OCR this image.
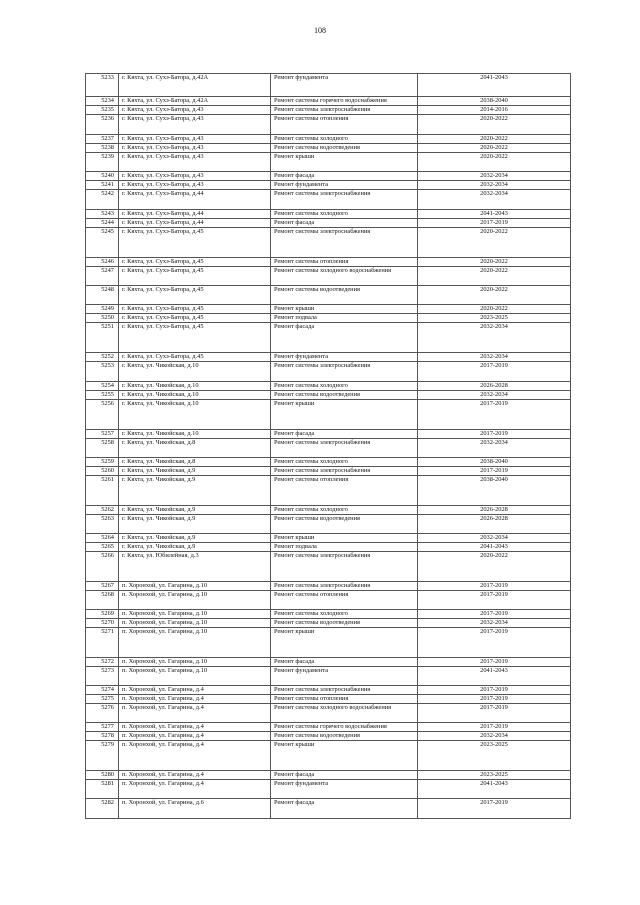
108
5233	г. Кяхта, ул. Сухэ-Батора, д.42А	Ремонт фундамента	2041-2043
5234	г. Кяхта, ул. Сухэ-Батора, д.42А	Ремонт системы горячего водоснабжения	2038-2040
5235	г. Кяхта, ул. Сухэ-Батора, д.43	Ремонт системы электроснабжения	2014-2016
5236	г. Кяхта, ул. Сухэ-Батора, д.43	Ремонт системы отопления	2020-2022
5237	г. Кяхта, ул. Сухэ-Батора, д.43	Ремонт системы холодного	2020-2022
5238	г. Кяхта, ул. Сухэ-Батора, д.43	Ремонт системы водоотведения	2020-2022
5239	г. Кяхта, ул. Сухэ-Батора, д.43	Ремонт крыши	2020-2022
5240	г. Кяхта, ул. Сухэ-Батора, д.43	Ремонт фасада	2032-2034
5241	г. Кяхта, ул. Сухэ-Батора, д.43	Ремонт фундамента	2032-2034
5242	г. Кяхта, ул. Сухэ-Батора, д.44	Ремонт системы электроснабжения	2032-2034
5243	г. Кяхта, ул. Сухэ-Батора, д.44	Ремонт системы холодного	2041-2043
5244	г. Кяхта, ул. Сухэ-Батора, д.44	Ремонт фасада	2017-2019
5245	г. Кяхта, ул. Сухэ-Батора, д.45	Ремонт системы электроснабжения	2020-2022
5246	г. Кяхта, ул. Сухэ-Батора, д.45	Ремонт системы отопления	2020-2022
5247	г. Кяхта, ул. Сухэ-Батора, д.45	Ремонт системы холодного водоснабжения	2020-2022
5248	г. Кяхта, ул. Сухэ-Батора, д.45	Ремонт системы водоотведения	2020-2022
5249	г. Кяхта, ул. Сухэ-Батора, д.45	Ремонт крыши	2020-2022
5250	г. Кяхта, ул. Сухэ-Батора, д.45	Ремонт подвала	2023-2025
5251	г. Кяхта, ул. Сухэ-Батора, д.45	Ремонт фасада	2032-2034
5252	г. Кяхта, ул. Сухэ-Батора, д.45	Ремонт фундамента	2032-2034
5253	г. Кяхта, ул. Чикойская, д.10	Ремонт системы электроснабжения	2017-2019
5254	г. Кяхта, ул. Чикойская, д.10	Ремонт системы холодного	2026-2028
5255	г. Кяхта, ул. Чикойская, д.10	Ремонт системы водоотведения	2032-2034
5256	г. Кяхта, ул. Чикойская, д.10	Ремонт крыши	2017-2019
5257	г. Кяхта, ул. Чикойская, д.10	Ремонт фасада	2017-2019
5258	г. Кяхта, ул. Чикойская, д.8	Ремонт системы электроснабжения	2032-2034
5259	г. Кяхта, ул. Чикойская, д.8	Ремонт системы холодного	2038-2040
5260	г. Кяхта, ул. Чикойская, д.9	Ремонт системы электроснабжения	2017-2019
5261	г. Кяхта, ул. Чикойская, д.9	Ремонт системы отопления	2038-2040
5262	г. Кяхта, ул. Чикойская, д.9	Ремонт системы холодного	2026-2028
5263	г. Кяхта, ул. Чикойская, д.9	Ремонт системы водоотведения	2026-2028
5264	г. Кяхта, ул. Чикойская, д.9	Ремонт крыши	2032-2034
5265	г. Кяхта, ул. Чикойская, д.9	Ремонт подвала	2041-2043
5266	г. Кяхта, ул. Юбилейная, д.3	Ремонт системы электроснабжения	2020-2022
5267	п. Хоронхой, ул. Гагарина, д.10	Ремонт системы электроснабжения	2017-2019
5268	п. Хоронхой, ул. Гагарина, д.10	Ремонт системы отопления	2017-2019
5269	п. Хоронхой, ул. Гагарина, д.10	Ремонт системы холодного	2017-2019
5270	п. Хоронхой, ул. Гагарина, д.10	Ремонт системы водоотведения	2032-2034
5271	п. Хоронхой, ул. Гагарина, д.10	Ремонт крыши	2017-2019
5272	п. Хоронхой, ул. Гагарина, д.10	Ремонт фасада	2017-2019
5273	п. Хоронхой, ул. Гагарина, д.10	Ремонт фундамента	2041-2043
5274	п. Хоронхой, ул. Гагарина, д.4	Ремонт системы электроснабжения	2017-2019
5275	п. Хоронхой, ул. Гагарина, д.4	Ремонт системы отопления	2017-2019
5276	п. Хоронхой, ул. Гагарина, д.4	Ремонт системы холодного водоснабжения	2017-2019
5277	п. Хоронхой, ул. Гагарина, д.4	Ремонт системы горячего водоснабжения	2017-2019
5278	п. Хоронхой, ул. Гагарина, д.4	Ремонт системы водоотведения	2032-2034
5279	п. Хоронхой, ул. Гагарина, д.4	Ремонт крыши	2023-2025
5280	п. Хоронхой, ул. Гагарина, д.4	Ремонт фасада	2023-2025
5281	п. Хоронхой, ул. Гагарина, д.4	Ремонт фундамента	2041-2043
5282	п. Хоронхой, ул. Гагарина, д.6	Ремонт фасада	2017-2019
